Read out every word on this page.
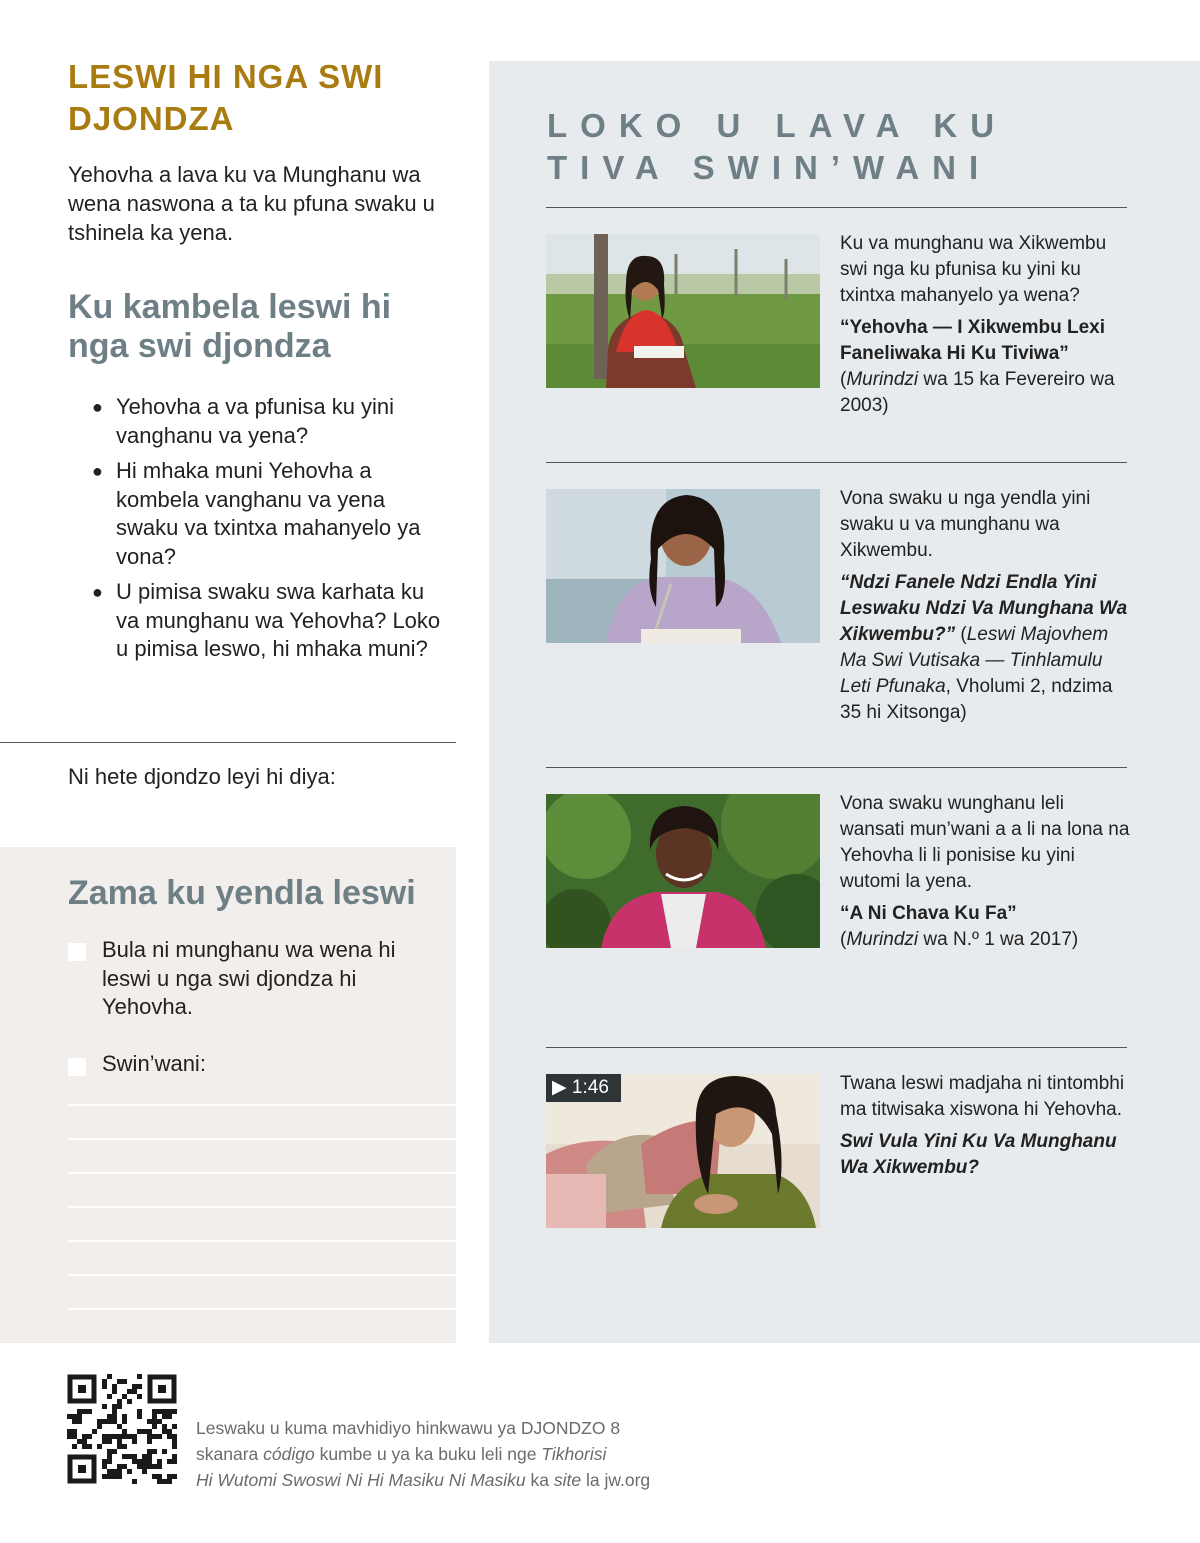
LESWI HI NGA SWI DJONDZA

Yehovha a lava ku va Munghanu wa wena naswona a ta ku pfuna swaku u tshinela ka yena.

Ku kambela leswi hi nga swi djondza
● Yehovha a va pfunisa ku yini vanghanu va yena?
● Hi mhaka muni Yehovha a kombela vanghanu va yena swaku va txintxa mahanyelo ya vona?
● U pimisa swaku swa karhata ku va munghanu wa Yehovha? Loko u pimisa leswo, hi mhaka muni?
Ni hete djondzo leyi hi diya:
Zama ku yendla leswi
Bula ni munghanu wa wena hi leswi u nga swi djondza hi Yehovha.
Swin’wani:
LOKO U LAVA KU TIVA SWIN’WANI
Ku va munghanu wa Xikwembu swi nga ku pfunisa ku yini ku txintxa mahanyelo ya wena?
“Yehovha — I Xikwembu Lexi Faneliwaka Hi Ku Tiviwa” (Murindzi wa 15 ka Fevereiro wa 2003)
Vona swaku u nga yendla yini swaku u va munghanu wa Xikwembu.
“Ndzi Fanele Ndzi Endla Yini Leswaku Ndzi Va Munghana Wa Xikwembu?” (Leswi Majovhem Ma Swi Vutisaka — Tinhlamulu Leti Pfunaka, Vholumi 2, ndzima 35 hi Xitsonga)
Vona swaku wunghanu leli wansati mun’wani a a li na lona na Yehovha li li ponisise ku yini wutomi la yena.
“A Ni Chava Ku Fa”
(Murindzi wa N.º 1 wa 2017)
▶ 1:46	Twana leswi madjaha ni tintombhi ma titwisaka xiswona hi Yehovha.
Swi Vula Yini Ku Va Munghanu Wa Xikwembu?
Leswaku u kuma mavhidiyo hinkwawu ya DJONDZO 8
skanara código kumbe u ya ka buku leli nge Tikhorisi
Hi Wutomi Swoswi Ni Hi Masiku Ni Masiku ka site la jw.org
